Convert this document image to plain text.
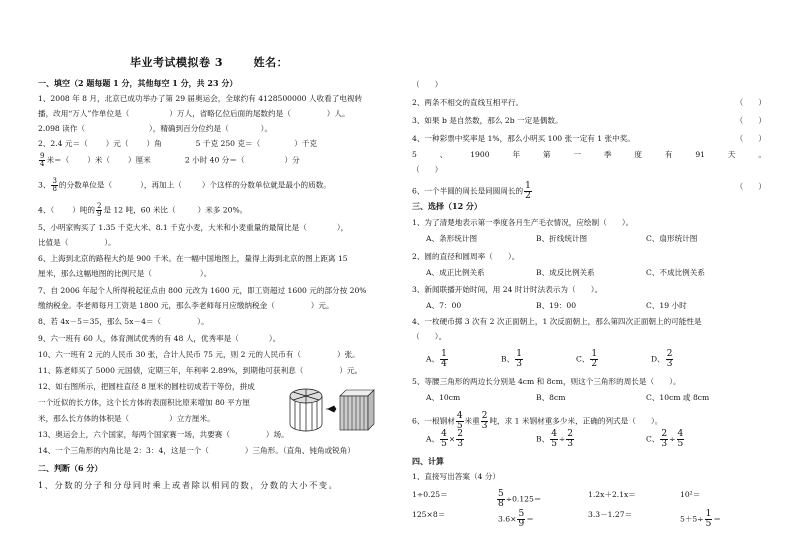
毕业考试模拟卷 3	姓名：
一、填空（2 题每题 1 分，其他每空 1 分，共 23 分）
1、2008 年 8 月，北京已成功举办了第 29 届奥运会，全球约有 4128500000 人收看了电视转
播，改用“万人”作单位是（	）万人，省略亿位后面的尾数约是（	）人。
2.098 读作（	），精确到百分位约是（	）。
2、2.4 元＝（ ）元（ ）角	5 千克 250 克＝（	）千克
$\frac{9}{4}$ 米＝（ ）米（ ）厘米	2 小时 40 分＝（	）分
3、 $\frac{3}{8}$ 的分数单位是（	），再加上（	）个这样的分数单位就是最小的质数。
4、（ ）吨的 $\frac{2}{9}$ 是 12 吨，60 米比（	）米多 20%。
5、小明家购买了 1.35 千克大米、8.1 千克小麦，大米和小麦重量的最简比是（	），
比值是（	）。
6、上海到北京的路程大约是 900 千米。在一幅中国地图上，量得上海到北京的图上距离 15
厘米，那么这幅地图的比例尺是（	）。
7、自 2006 年起个人所得税起征点由 800 元改为 1600 元，即工资超过 1600 元的部分按 20%
缴纳税金。李老师每月工资是 1800 元，那么李老师每月应缴纳税金（	）元。
8、若 4x－5＝35，那么 5x－4＝（	）。
9、六一班有 60 人，体育测试优秀的有 48 人，优秀率是（	）。
10、六一班有 2 元的人民币 30 张，合计人民币 75 元，则 2 元的人民币有（	）张。
11、陈老师买了 5000 元国债，定期三年，年利率 2.89%，到期他可获利息（	）元。
12、如右图所示，把圆柱直径 8 厘米的圆柱切成若干等份，拼成
一个近似的长方体，这个长方体的表面积比原来增加 80 平方厘
米，那么长方体的体积是（	）立方厘米。
13、奥运会上，六个国家，每两个国家赛一场，共要赛（	）场。
14、一个三角形的内角比是 2：3：4，这是一个（	）三角形。（直角、钝角或锐角）
二、判断（6 分）
1、分数的分子和分母同时乘上或者除以相同的数，分数的大小不变。
（　　）
2、两条不相交的直线互相平行。	（　　）
3、如果 b 是自然数，那么 2b 一定是偶数。	（　　）
4、一种彩票中奖率是 1%，那么小明买 100 张一定有 1 张中奖。	（　　）
5	、	1900	年	第	一	季	度	有	91	天	。
（　　）
6、一个半圆的周长是同圆周长的 $\frac{1}{2}$	（　　）
三、选择（12 分）
1、为了清楚地表示第一季度各月生产毛衣情况，应绘制（　　）。
A、条形统计图	B、折线统计图	C、扇形统计图
2、圆的直径和圆周率（　　）。
A、成正比例关系	B、成反比例关系	C、不成比例关系
3、新闻联播开始时间，用 24 时计时法表示为（　　）。
A、7：00	B、19：00	C、19 小时
4、一枚硬币掷 3 次有 2 次正面朝上，1 次反面朝上，那么第四次正面朝上的可能性是
（　　）。
A、 $\frac{1}{4}$	B、 $\frac{1}{3}$	C、 $\frac{1}{2}$	D、 $\frac{2}{3}$
5、等腰三角形的两边长分别是 4cm 和 8cm，则这个三角形的周长是（　　）。
A、10cm	B、8cm	C、10cm 或 8cm
6、一根钢材 $\frac{4}{5}$ 米重 $\frac{2}{3}$ 吨，求 1 米钢材重多少米，正确的列式是（　　）。
A、 $\frac{4}{5} \times \frac{2}{3}$	B、 $\frac{4}{5} \div \frac{2}{3}$	C、 $\frac{2}{3} \div \frac{4}{5}$
四、计算
1、直接写出答案（4 分）
1÷0.25＝	$\frac{5}{8} \div 0.125=$	1.2x＋2.1x＝	10²＝
125×8＝	$3.6\times \frac{5}{9}$ ＝	3.3－1.27＝	$5+5\div \frac{1}{5}$ ＝
